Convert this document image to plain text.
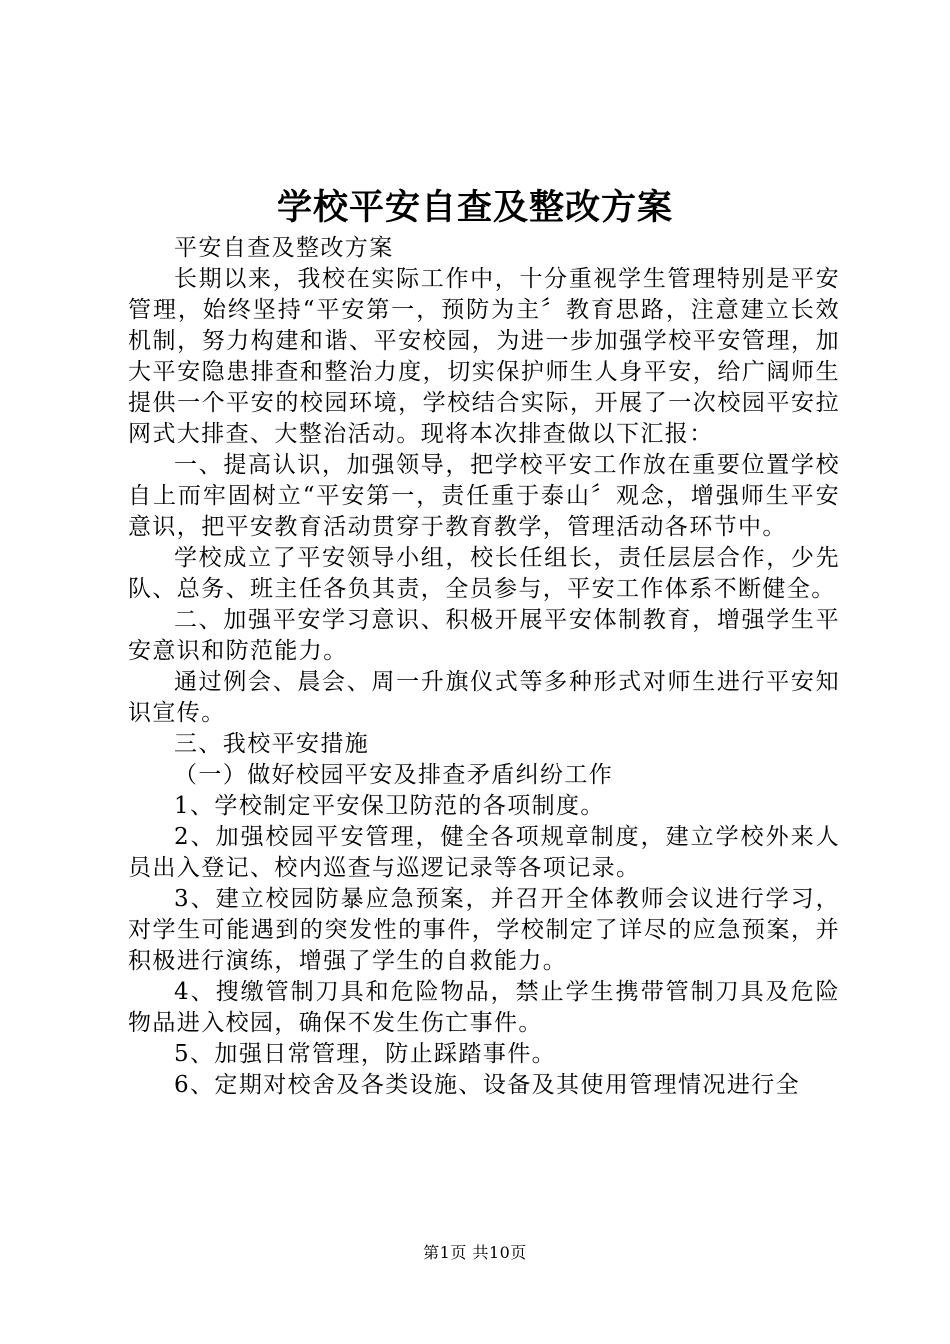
学校平安自查及整改方案

平安自查及整改方案

长期以来，我校在实际工作中，十分重视学生管理特别是平安管理，始终坚持“平安第一，预防为主〞教育思路，注意建立长效机制，努力构建和谐、平安校园，为进一步加强学校平安管理，加大平安隐患排查和整治力度，切实保护师生人身平安，给广阔师生提供一个平安的校园环境，学校结合实际，开展了一次校园平安拉网式大排查、大整治活动。现将本次排查做以下汇报：

一、提高认识，加强领导，把学校平安工作放在重要位置学校自上而牢固树立“平安第一，责任重于泰山〞观念，增强师生平安意识，把平安教育活动贯穿于教育教学，管理活动各环节中。

学校成立了平安领导小组，校长任组长，责任层层合作，少先队、总务、班主任各负其责，全员参与，平安工作体系不断健全。

二、加强平安学习意识、积极开展平安体制教育，增强学生平安意识和防范能力。

通过例会、晨会、周一升旗仪式等多种形式对师生进行平安知识宣传。

三、我校平安措施

（一）做好校园平安及排查矛盾纠纷工作

1、学校制定平安保卫防范的各项制度。

2、加强校园平安管理，健全各项规章制度，建立学校外来人员出入登记、校内巡查与巡逻记录等各项记录。

3、建立校园防暴应急预案，并召开全体教师会议进行学习，对学生可能遇到的突发性的事件，学校制定了详尽的应急预案，并积极进行演练，增强了学生的自救能力。

4、搜缴管制刀具和危险物品，禁止学生携带管制刀具及危险物品进入校园，确保不发生伤亡事件。

5、加强日常管理，防止踩踏事件。

6、定期对校舍及各类设施、设备及其使用管理情况进行全

第1页 共10页
